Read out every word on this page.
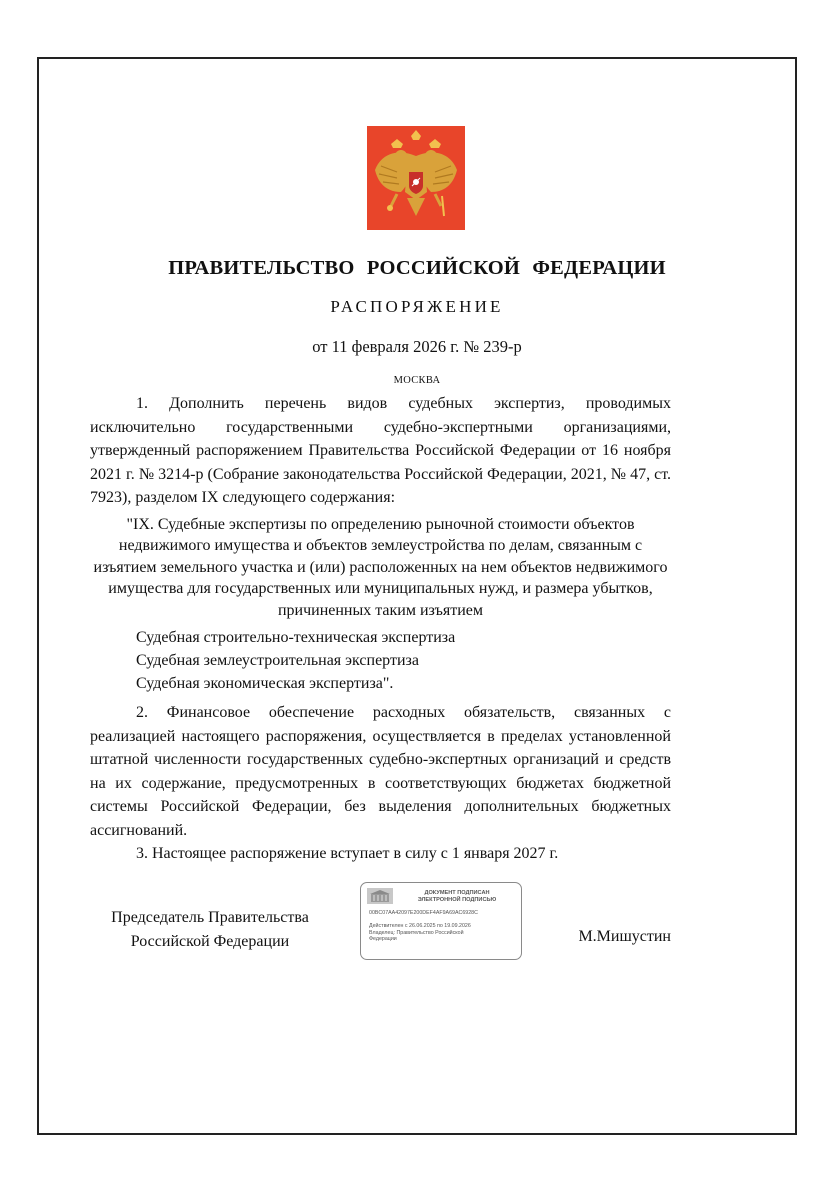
ПРАВИТЕЛЬСТВО РОССИЙСКОЙ ФЕДЕРАЦИИ
РАСПОРЯЖЕНИЕ
от 11 февраля 2026 г. № 239-р
МОСКВА

1. Дополнить перечень видов судебных экспертиз, проводимых исключительно государственными судебно-экспертными организациями, утвержденный распоряжением Правительства Российской Федерации от 16 ноября 2021 г. № 3214-р (Собрание законодательства Российской Федерации, 2021, № 47, ст. 7923), разделом IX следующего содержания:

"IX. Судебные экспертизы по определению рыночной стоимости объектов недвижимого имущества и объектов землеустройства по делам, связанным с изъятием земельного участка и (или) расположенных на нем объектов недвижимого имущества для государственных или муниципальных нужд, и размера убытков, причиненных таким изъятием

Судебная строительно-техническая экспертиза

Судебная землеустроительная экспертиза

Судебная экономическая экспертиза".

2. Финансовое обеспечение расходных обязательств, связанных с реализацией настоящего распоряжения, осуществляется в пределах установленной штатной численности государственных судебно-экспертных организаций и средств на их содержание, предусмотренных в соответствующих бюджетах бюджетной системы Российской Федерации, без выделения дополнительных бюджетных ассигнований.

3. Настоящее распоряжение вступает в силу с 1 января 2027 г.

Председатель Правительства
Российской Федерации
ДОКУМЕНТ ПОДПИСАН
ЭЛЕКТРОННОЙ ПОДПИСЬЮ
00BC07AA42097E200DEF4AF9A69AC6928C
Действителен с 26.06.2025 по 19.09.2026
Владелец: Правительство Российской
Федерации	М.Мишустин
